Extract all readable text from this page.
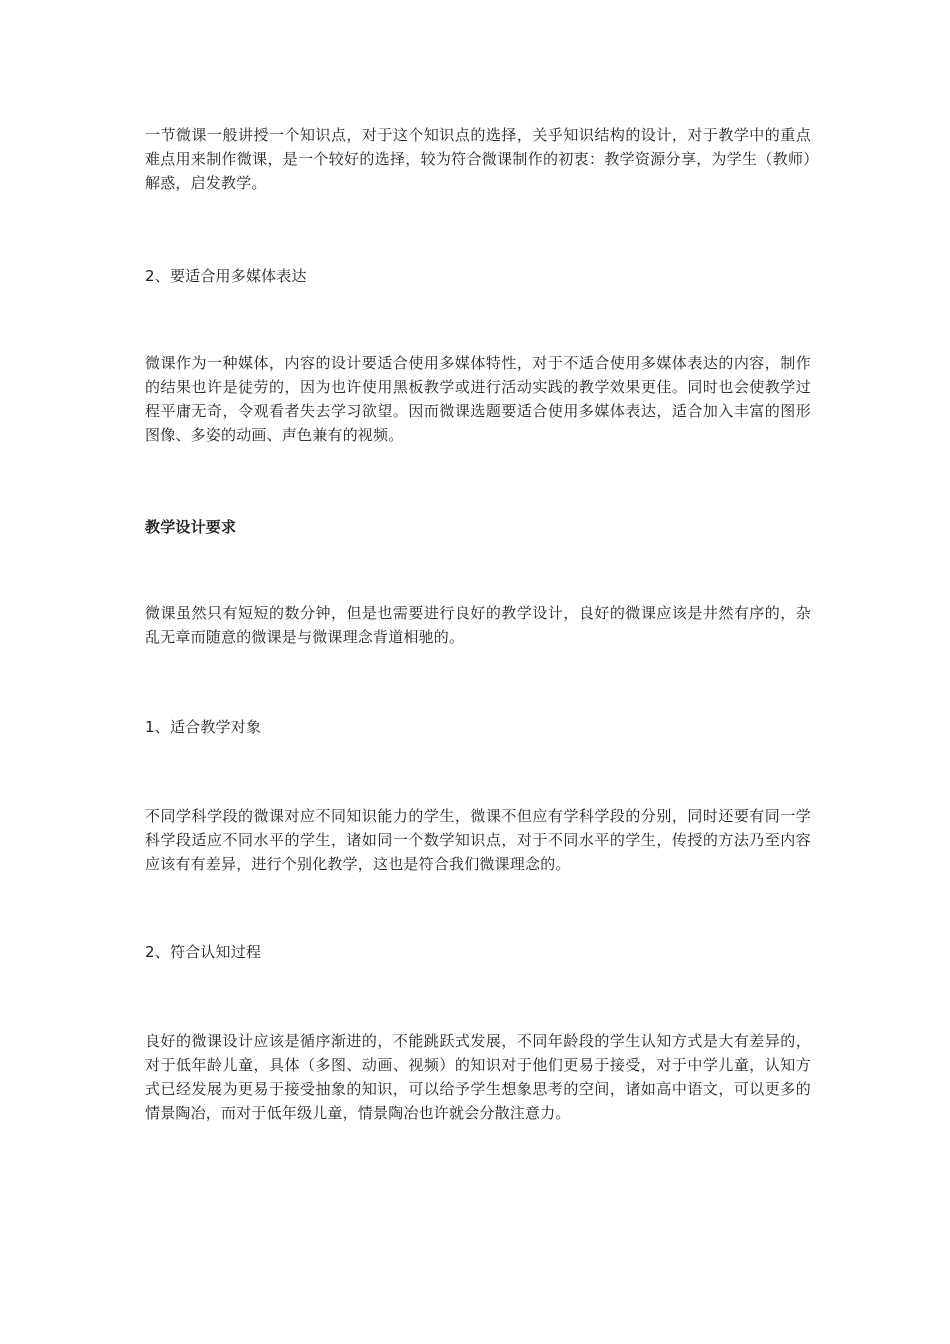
一节微课一般讲授一个知识点，对于这个知识点的选择，关乎知识结构的设计，对于教学中的重点难点用来制作微课，是一个较好的选择，较为符合微课制作的初衷：教学资源分享，为学生（教师）解惑，启发教学。

2、要适合用多媒体表达

微课作为一种媒体，内容的设计要适合使用多媒体特性，对于不适合使用多媒体表达的内容，制作的结果也许是徒劳的，因为也许使用黑板教学或进行活动实践的教学效果更佳。同时也会使教学过程平庸无奇，令观看者失去学习欲望。因而微课选题要适合使用多媒体表达，适合加入丰富的图形图像、多姿的动画、声色兼有的视频。

教学设计要求

微课虽然只有短短的数分钟，但是也需要进行良好的教学设计，良好的微课应该是井然有序的，杂乱无章而随意的微课是与微课理念背道相驰的。

1、适合教学对象

不同学科学段的微课对应不同知识能力的学生，微课不但应有学科学段的分别，同时还要有同一学科学段适应不同水平的学生，诸如同一个数学知识点，对于不同水平的学生，传授的方法乃至内容应该有有差异，进行个别化教学，这也是符合我们微课理念的。

2、符合认知过程

良好的微课设计应该是循序渐进的，不能跳跃式发展，不同年龄段的学生认知方式是大有差异的，对于低年龄儿童，具体（多图、动画、视频）的知识对于他们更易于接受，对于中学儿童，认知方式已经发展为更易于接受抽象的知识，可以给予学生想象思考的空间，诸如高中语文，可以更多的情景陶冶，而对于低年级儿童，情景陶冶也许就会分散注意力。
